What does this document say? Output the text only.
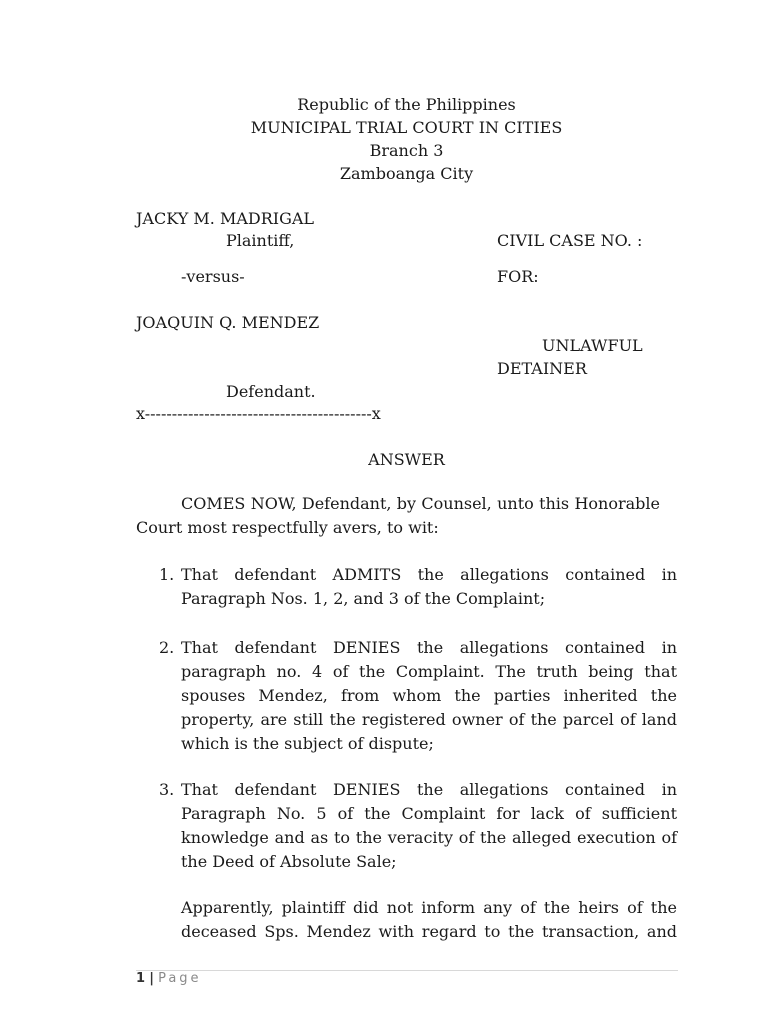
Republic of the Philippines
MUNICIPAL TRIAL COURT IN CITIES
Branch 3
Zamboanga City
JACKY M. MADRIGAL
Plaintiff,
-versus-
JOAQUIN Q. MENDEZ
Defendant.
x------------------------------------------x
CIVIL CASE NO. :
FOR:
UNLAWFUL
DETAINER
ANSWER
COMES NOW, Defendant, by Counsel, unto this Honorable
Court most respectfully avers, to wit:
1. That defendant ADMITS the allegations contained in
Paragraph Nos. 1, 2, and 3 of the Complaint;
2. That defendant DENIES the allegations contained in
paragraph no. 4 of the Complaint. The truth being that
spouses Mendez, from whom the parties inherited the
property, are still the registered owner of the parcel of land
which is the subject of dispute;
3. That defendant DENIES the allegations contained in
Paragraph No. 5 of the Complaint for lack of sufficient
knowledge and as to the veracity of the alleged execution of
the Deed of Absolute Sale;
Apparently, plaintiff did not inform any of the heirs of the
deceased Sps. Mendez with regard to the transaction, and
1 | Page
